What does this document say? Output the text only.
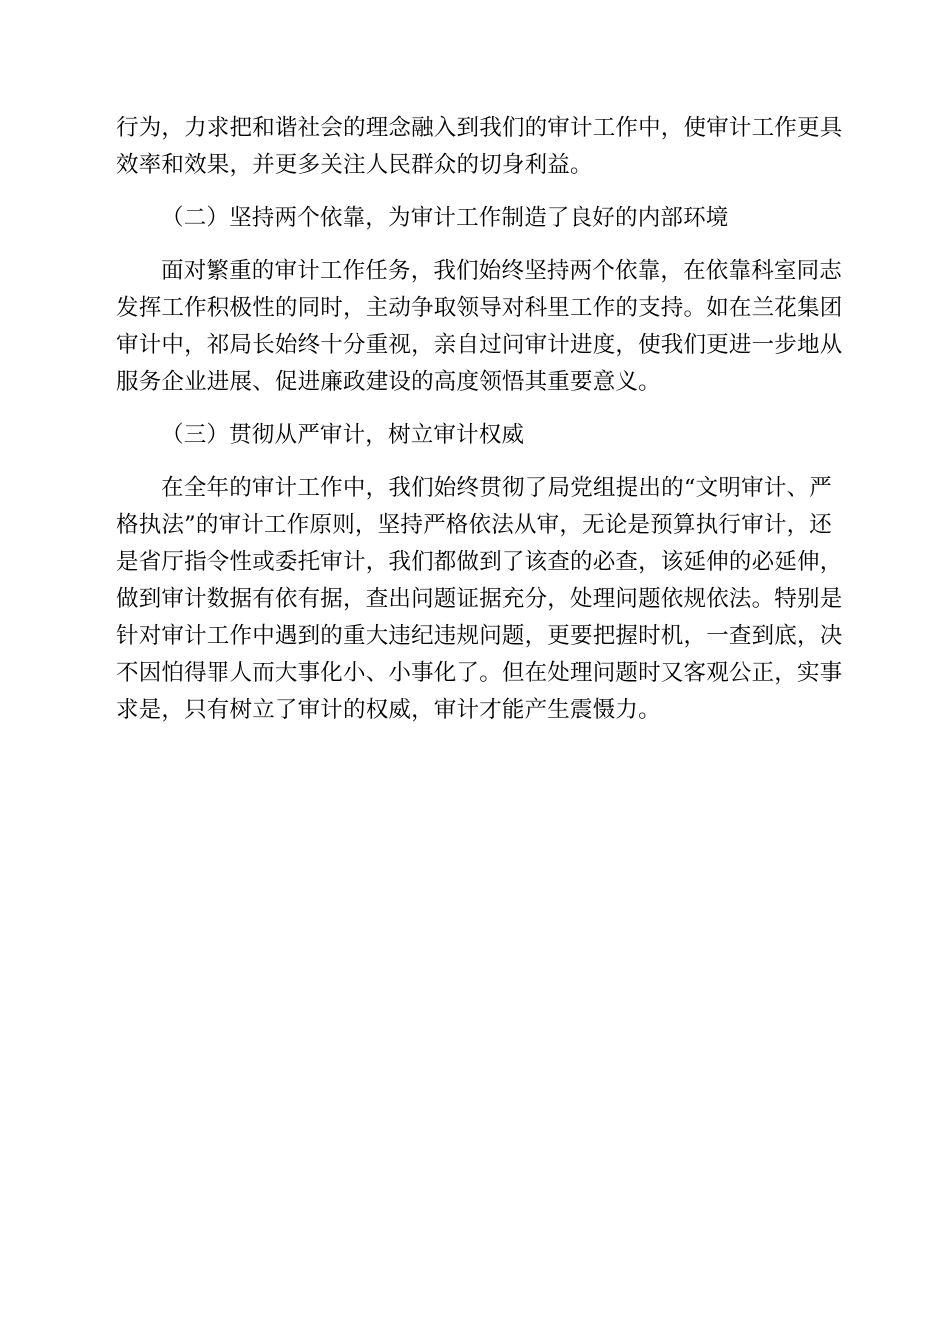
行为，力求把和谐社会的理念融入到我们的审计工作中，使审计工作更具
效率和效果，并更多关注人民群众的切身利益。
（二）坚持两个依靠，为审计工作制造了良好的内部环境
面对繁重的审计工作任务，我们始终坚持两个依靠，在依靠科室同志
发挥工作积极性的同时，主动争取领导对科里工作的支持。如在兰花集团
审计中，祁局长始终十分重视，亲自过问审计进度，使我们更进一步地从
服务企业进展、促进廉政建设的高度领悟其重要意义。
（三）贯彻从严审计，树立审计权威
在全年的审计工作中，我们始终贯彻了局党组提出的“文明审计、严
格执法”的审计工作原则，坚持严格依法从审，无论是预算执行审计，还
是省厅指令性或委托审计，我们都做到了该查的必查，该延伸的必延伸，
做到审计数据有依有据，查出问题证据充分，处理问题依规依法。特别是
针对审计工作中遇到的重大违纪违规问题，更要把握时机，一查到底，决
不因怕得罪人而大事化小、小事化了。但在处理问题时又客观公正，实事
求是，只有树立了审计的权威，审计才能产生震慑力。
